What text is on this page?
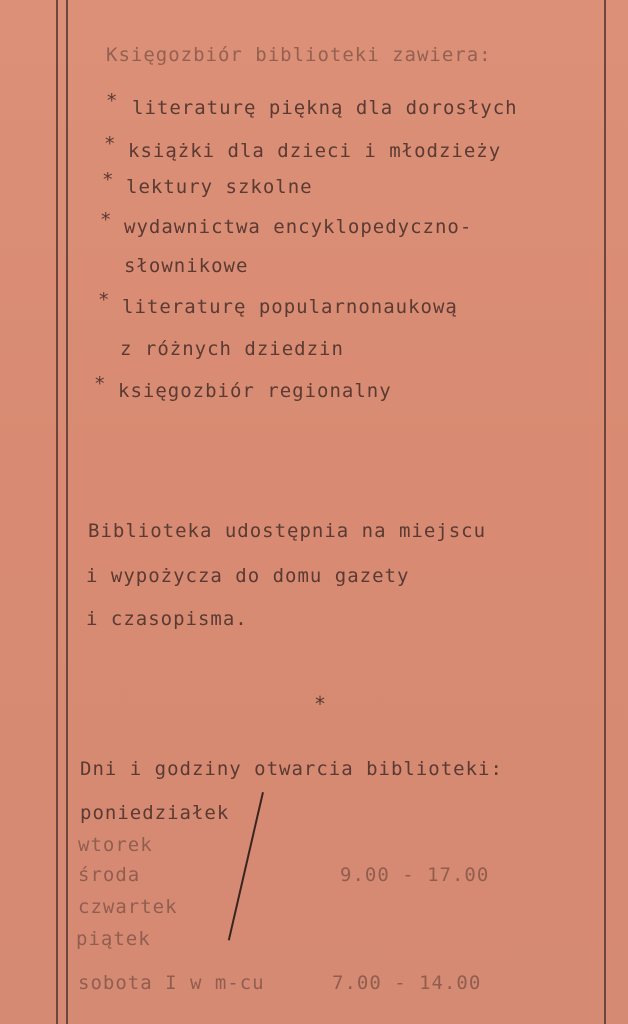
Księgozbiór biblioteki zawiera:
* literaturę piękną dla dorosłych
* książki dla dzieci i młodzieży
* lektury szkolne
* wydawnictwa encyklopedyczno-
słownikowe
* literaturę popularnonaukową
z różnych dziedzin
* księgozbiór regionalny
Biblioteka udostępnia na miejscu
i wypożycza do domu gazety
i czasopisma.
*
Dni i godziny otwarcia biblioteki:
poniedziałek
wtorek
środa
czwartek
piątek
9.00 - 17.00
sobota I w m-cu	7.00 - 14.00
